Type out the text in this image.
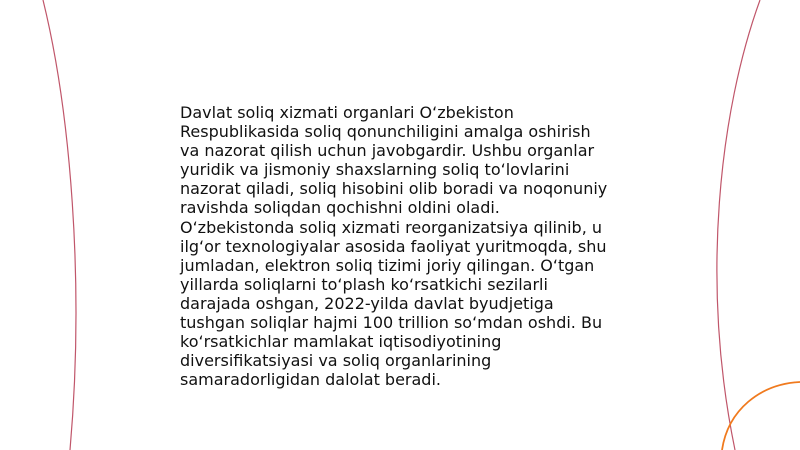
Davlat soliq xizmati organlari O‘zbekiston
Respublikasida soliq qonunchiligini amalga oshirish
va nazorat qilish uchun javobgardir. Ushbu organlar
yuridik va jismoniy shaxslarning soliq to‘lovlarini
nazorat qiladi, soliq hisobini olib boradi va noqonuniy
ravishda soliqdan qochishni oldini oladi.
O‘zbekistonda soliq xizmati reorganizatsiya qilinib, u
ilg‘or texnologiyalar asosida faoliyat yuritmoqda, shu
jumladan, elektron soliq tizimi joriy qilingan. O‘tgan
yillarda soliqlarni to‘plash ko‘rsatkichi sezilarli
darajada oshgan, 2022-yilda davlat byudjetiga
tushgan soliqlar hajmi 100 trillion so‘mdan oshdi. Bu
ko‘rsatkichlar mamlakat iqtisodiyotining
diversifikatsiyasi va soliq organlarining
samaradorligidan dalolat beradi.
